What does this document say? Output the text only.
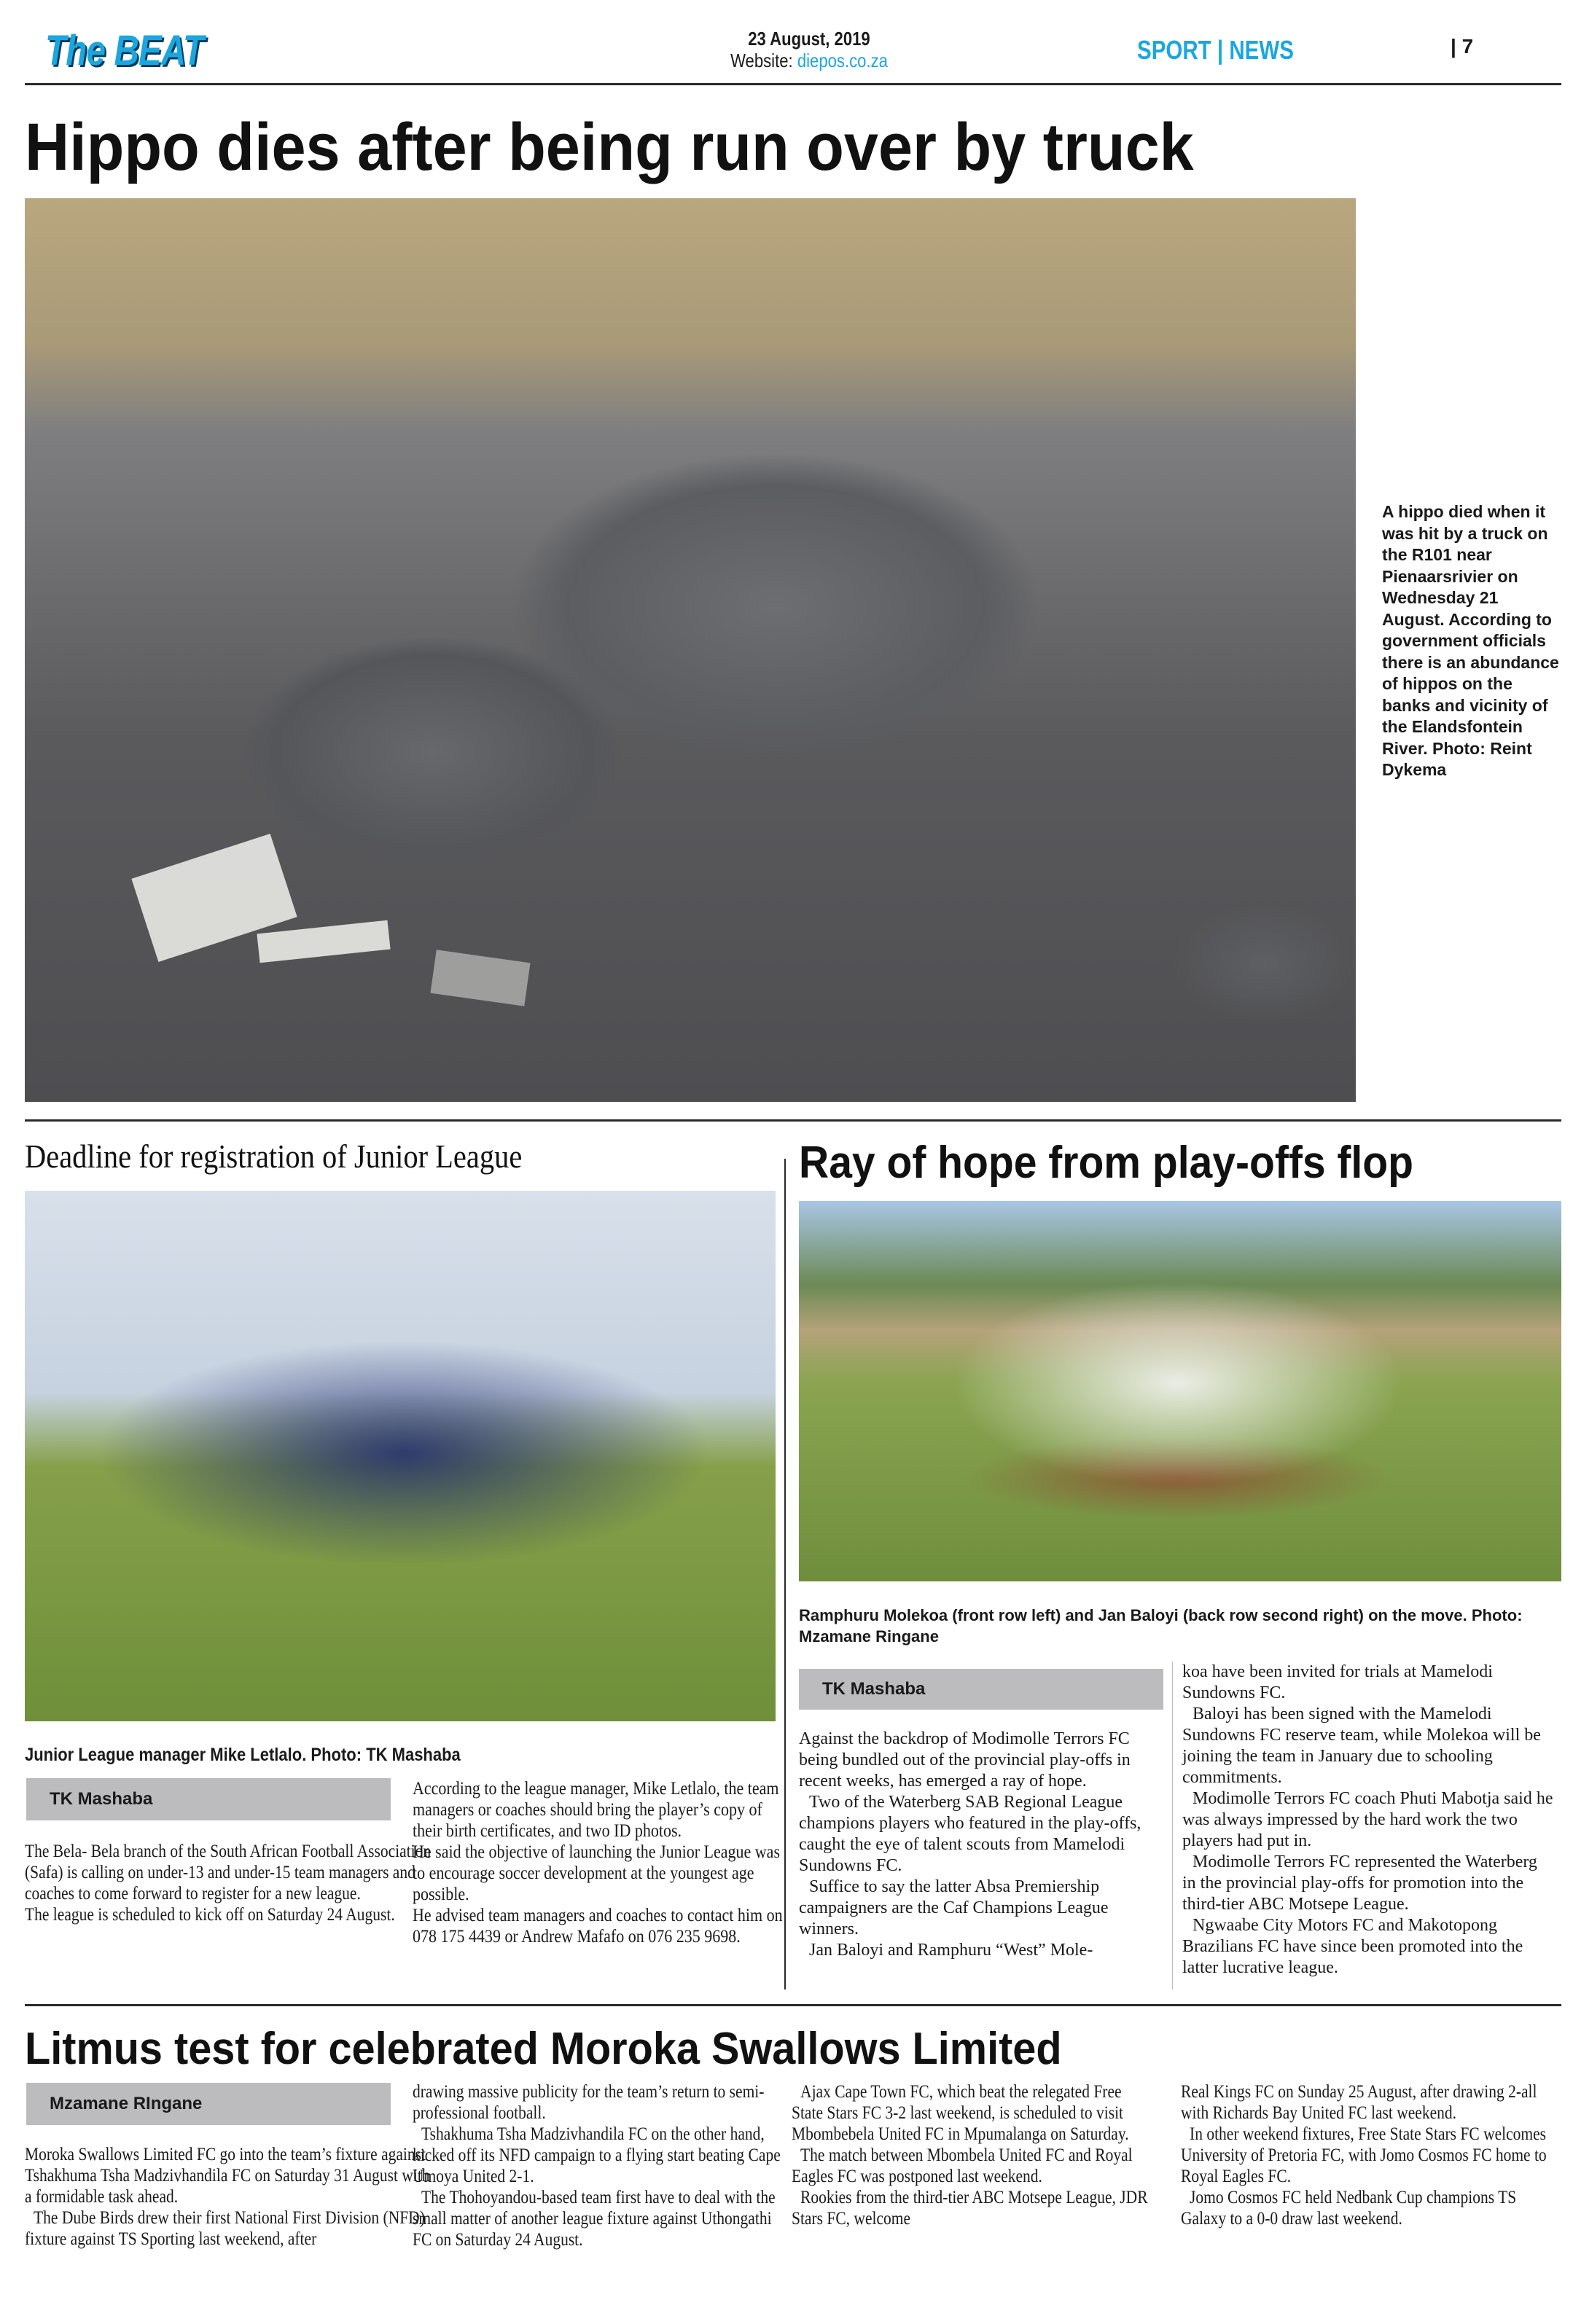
The BEAT	23 August, 2019
Website: diepos.co.za	SPORT | NEWS	| 7
Hippo dies after being run over by truck
A hippo died when it was hit by a truck on the R101 near Pienaarsrivier on Wednesday 21 August. According to government officials there is an abundance of hippos on the banks and vicinity of the Elandsfontein River. Photo: Reint Dykema
Deadline for registration of Junior League
Junior League manager Mike Letlalo. Photo: TK Mashaba
TK Mashaba

The Bela- Bela branch of the South African Football Association (Safa) is calling on under-13 and under-15 team managers and coaches to come forward to register for a new league.

The league is scheduled to kick off on Saturday 24 August.

According to the league manager, Mike Letlalo, the team managers or coaches should bring the player’s copy of their birth certificates, and two ID photos.

He said the objective of launching the Junior League was to encourage soccer development at the youngest age possible.

He advised team managers and coaches to contact him on 078 175 4439 or Andrew Mafafo on 076 235 9698.

Ray of hope from play-offs flop
Ramphuru Molekoa (front row left) and Jan Baloyi (back row second right) on the move. Photo: Mzamane Ringane
TK Mashaba

Against the backdrop of Modimolle Terrors FC being bundled out of the provincial play-offs in recent weeks, has emerged a ray of hope.

Two of the Waterberg SAB Regional League champions players who featured in the play-offs, caught the eye of talent scouts from Mamelodi Sundowns FC.

Suffice to say the latter Absa Premiership campaigners are the Caf Champions League winners.

Jan Baloyi and Ramphuru “West” Mole-

koa have been invited for trials at Mamelodi Sundowns FC.

Baloyi has been signed with the Mamelodi Sundowns FC reserve team, while Molekoa will be joining the team in January due to schooling commitments.

Modimolle Terrors FC coach Phuti Mabotja said he was always impressed by the hard work the two players had put in.

Modimolle Terrors FC represented the Waterberg in the provincial play-offs for promotion into the third-tier ABC Motsepe League.

Ngwaabe City Motors FC and Makotopong Brazilians FC have since been promoted into the latter lucrative league.

Litmus test for celebrated Moroka Swallows Limited
Mzamane RIngane

Moroka Swallows Limited FC go into the team’s fixture against Tshakhuma Tsha Madzivhandila FC on Saturday 31 August with a formidable task ahead.

The Dube Birds drew their first National First Division (NFD) fixture against TS Sporting last weekend, after

drawing massive publicity for the team’s return to semi-professional football.

Tshakhuma Tsha Madzivhandila FC on the other hand, kicked off its NFD campaign to a flying start beating Cape Umoya United 2-1.

The Thohoyandou-based team first have to deal with the small matter of another league fixture against Uthongathi FC on Saturday 24 August.

Ajax Cape Town FC, which beat the relegated Free State Stars FC 3-2 last weekend, is scheduled to visit Mbombebela United FC in Mpumalanga on Saturday.

The match between Mbombela United FC and Royal Eagles FC was postponed last weekend.

Rookies from the third-tier ABC Motsepe League, JDR Stars FC, welcome

Real Kings FC on Sunday 25 August, after drawing 2-all with Richards Bay United FC last weekend.

In other weekend fixtures, Free State Stars FC welcomes University of Pretoria FC, with Jomo Cosmos FC home to Royal Eagles FC.

Jomo Cosmos FC held Nedbank Cup champions TS Galaxy to a 0-0 draw last weekend.
